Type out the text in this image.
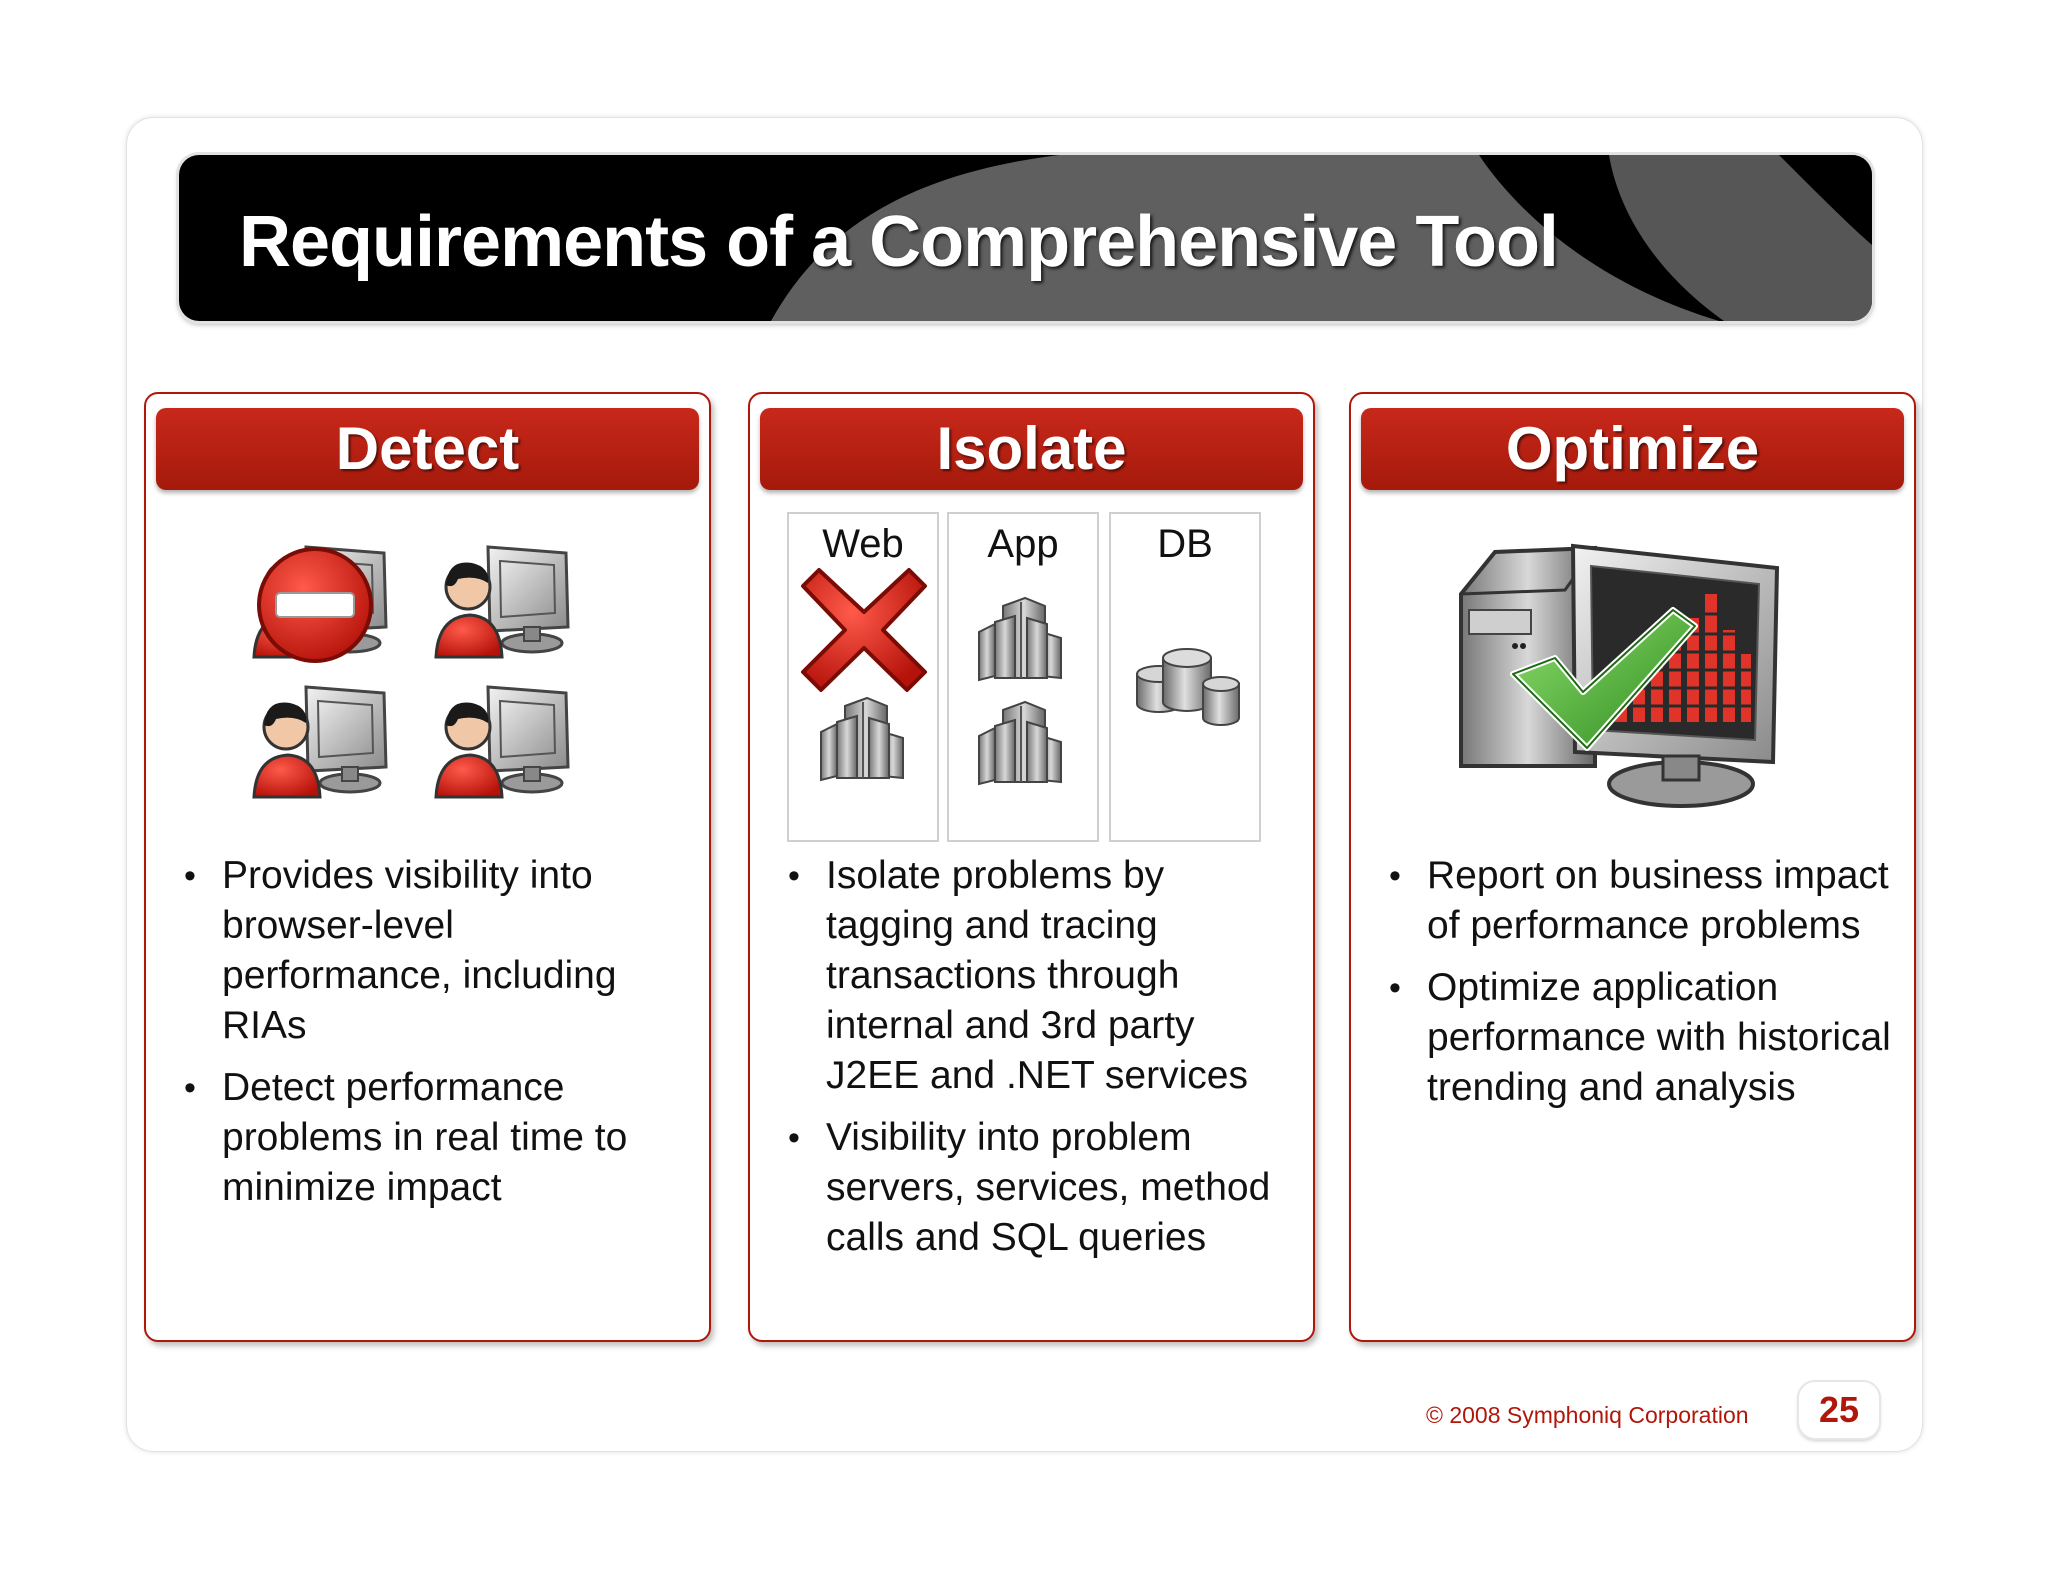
Requirements of a Comprehensive Tool
Detect
• Provides visibility into browser-level performance, including RIAs
• Detect performance problems in real time to minimize impact
Isolate
• Isolate problems by tagging and tracing transactions through internal and 3rd party J2EE and .NET services
• Visibility into problem servers, services, method calls and SQL queries
Web	App	DB
Optimize
• Report on business impact of performance problems
• Optimize application performance with historical trending and analysis
© 2008 Symphoniq Corporation	25
